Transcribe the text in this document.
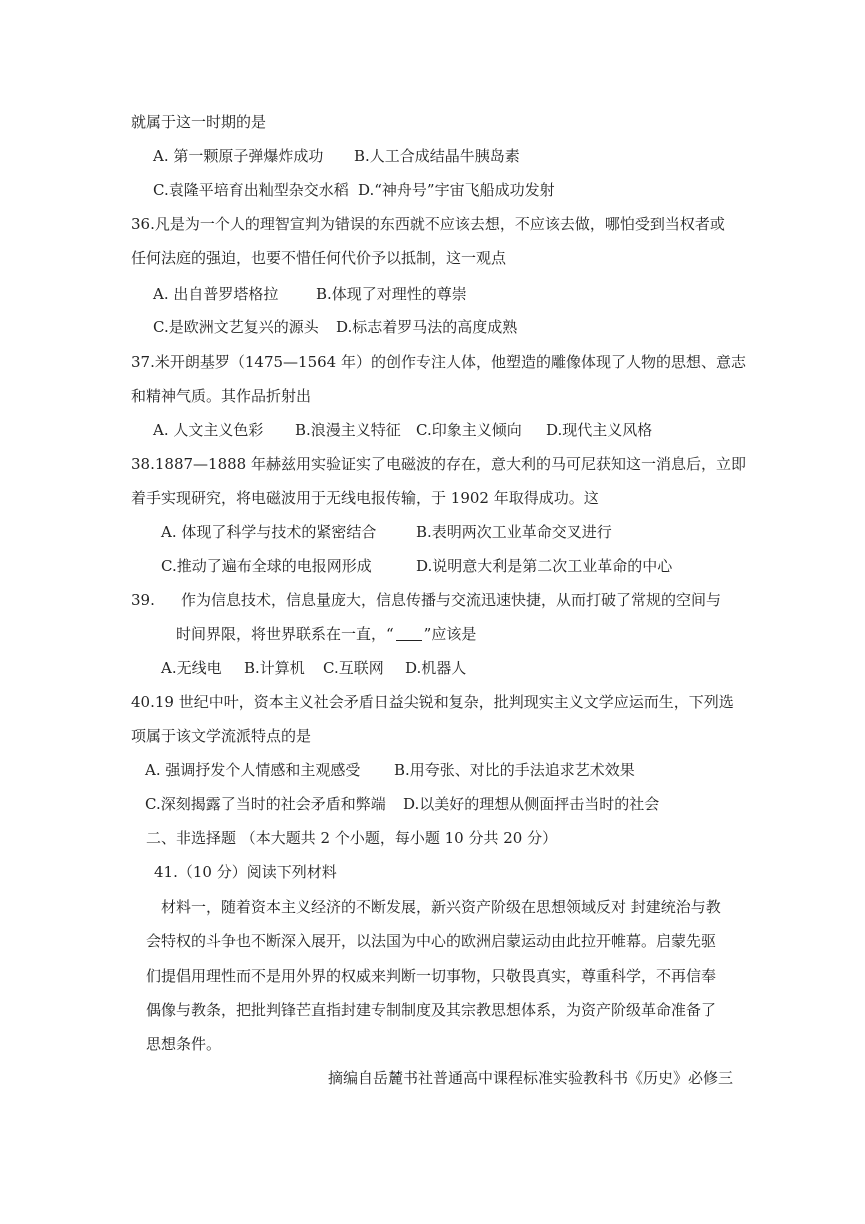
就属于这一时期的是
A. 第一颗原子弹爆炸成功 B.人工合成结晶牛胰岛素
C.袁隆平培育出籼型杂交水稻 D.“神舟号”宇宙飞船成功发射
36.凡是为一个人的理智宣判为错误的东西就不应该去想，不应该去做，哪怕受到当权者或
任何法庭的强迫，也要不惜任何代价予以抵制，这一观点
A. 出自普罗塔格拉	B.体现了对理性的尊崇
C.是欧洲文艺复兴的源头 D.标志着罗马法的高度成熟
37.米开朗基罗（1475—1564 年）的创作专注人体，他塑造的雕像体现了人物的思想、意志
和精神气质。其作品折射出
A. 人文主义色彩 B.浪漫主义特征 C.印象主义倾向 D.现代主义风格
38.1887—1888 年赫兹用实验证实了电磁波的存在，意大利的马可尼获知这一消息后，立即
着手实现研究，将电磁波用于无线电报传输，于 1902 年取得成功。这
A. 体现了科学与技术的紧密结合	B.表明两次工业革命交叉进行
C.推动了遍布全球的电报网形成	D.说明意大利是第二次工业革命的中心
39. 作为信息技术，信息量庞大，信息传播与交流迅速快捷，从而打破了常规的空间与
时间界限，将世界联系在一直，“ ”应该是
A.无线电 B.计算机 C.互联网 D.机器人
40.19 世纪中叶，资本主义社会矛盾日益尖锐和复杂，批判现实主义文学应运而生，下列选
项属于该文学流派特点的是
A. 强调抒发个人情感和主观感受 B.用夸张、对比的手法追求艺术效果
C.深刻揭露了当时的社会矛盾和弊端 D.以美好的理想从侧面抨击当时的社会
二、非选择题 （本大题共 2 个小题，每小题 10 分共 20 分）
41.（10 分）阅读下列材料
材料一，随着资本主义经济的不断发展，新兴资产阶级在思想领域反对 封建统治与教
会特权的斗争也不断深入展开，以法国为中心的欧洲启蒙运动由此拉开帷幕。启蒙先驱
们提倡用理性而不是用外界的权威来判断一切事物，只敬畏真实，尊重科学，不再信奉
偶像与教条，把批判锋芒直指封建专制制度及其宗教思想体系，为资产阶级革命准备了
思想条件。
摘编自岳麓书社普通高中课程标准实验教科书《历史》必修三
